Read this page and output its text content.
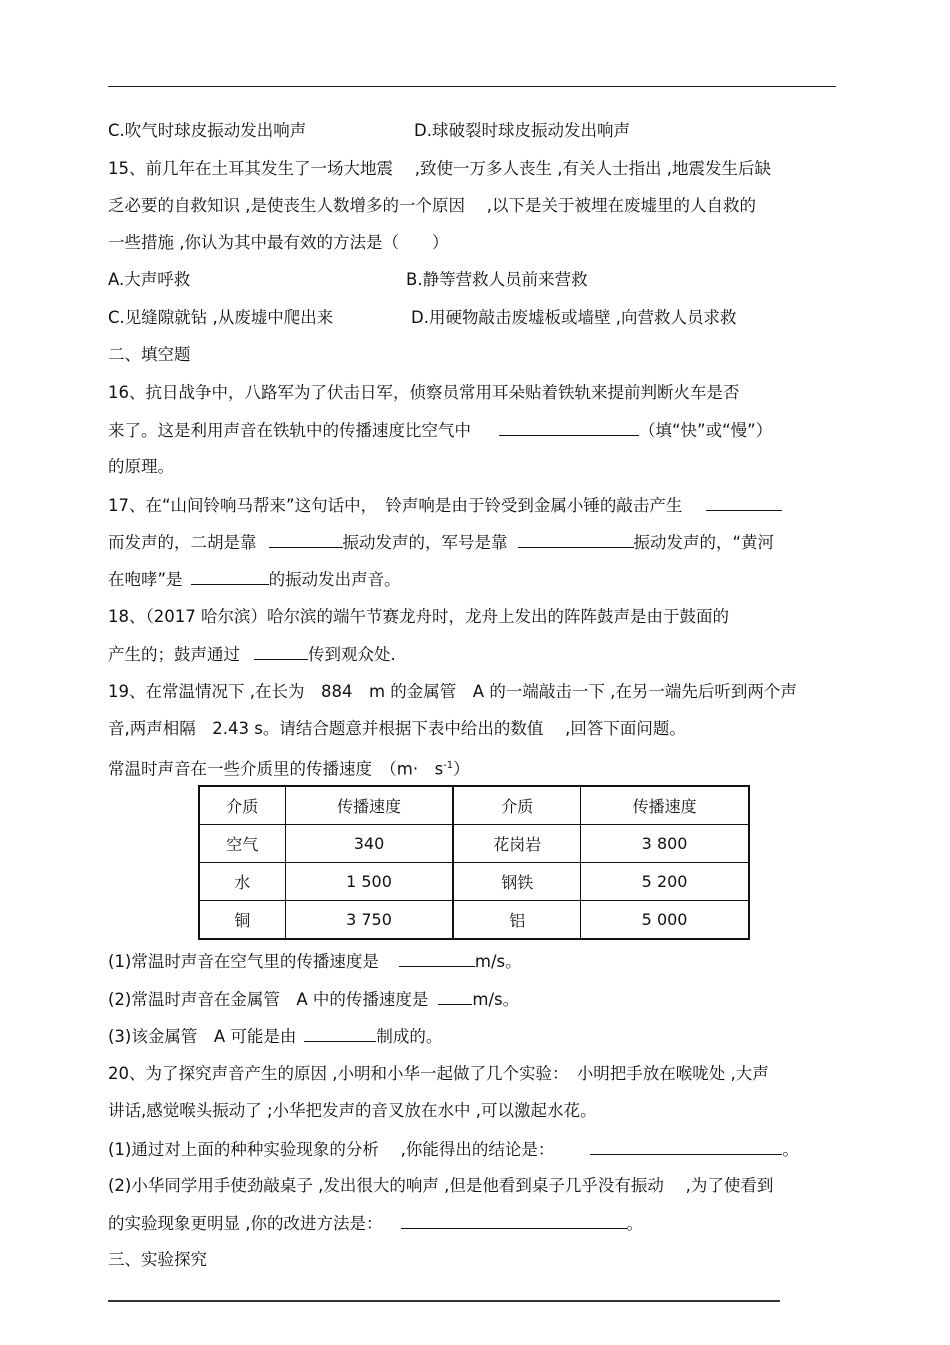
C.吹气时球皮振动发出响声	D.球破裂时球皮振动发出响声
15、前几年在土耳其发生了一场大地震　 ,致使一万多人丧生 ,有关人士指出 ,地震发生后缺
乏必要的自救知识 ,是使丧生人数增多的一个原因　 ,以下是关于被埋在废墟里的人自救的
一些措施 ,你认为其中最有效的方法是（　　）
A.大声呼救	B.静等营救人员前来营救
C.见缝隙就钻 ,从废墟中爬出来	D.用硬物敲击废墟板或墙壁 ,向营救人员求救
二、填空题
16、抗日战争中，八路军为了伏击日军，侦察员常用耳朵贴着铁轨来提前判断火车是否
来了。这是利用声音在铁轨中的传播速度比空气中	（填“快”或“慢”）
的原理。
17、在“山间铃响马帮来”这句话中，　铃声响是由于铃受到金属小锤的敲击产生
而发声的，二胡是靠	振动发声的，军号是靠	振动发声的，“黄河
在咆哮”是	的振动发出声音。
18、（2017 哈尔滨）哈尔滨的端午节赛龙舟时，龙舟上发出的阵阵鼓声是由于鼓面的
产生的；鼓声通过	传到观众处.
19、在常温情况下 ,在长为　884　m 的金属管　A 的一端敲击一下 ,在另一端先后听到两个声
音,两声相隔　2.43 s。请结合题意并根据下表中给出的数值　 ,回答下面问题。
常温时声音在一些介质里的传播速度　（m·　$s^{-1}$）
介质	传播速度	介质	传播速度
空气	340	花岗岩	3 800
水	1 500	钢铁	5 200
铜	3 750	铝	5 000
(1)常温时声音在空气里的传播速度是	m/s。
(2)常温时声音在金属管　A 中的传播速度是	m/s。
(3)该金属管　A 可能是由	制成的。
20、为了探究声音产生的原因 ,小明和小华一起做了几个实验：　小明把手放在喉咙处 ,大声
讲话,感觉喉头振动了 ;小华把发声的音叉放在水中 ,可以激起水花。
(1)通过对上面的种种实验现象的分析　 ,你能得出的结论是：	。
(2)小华同学用手使劲敲桌子 ,发出很大的响声 ,但是他看到桌子几乎没有振动　 ,为了使看到
的实验现象更明显 ,你的改进方法是：	。
三、实验探究
